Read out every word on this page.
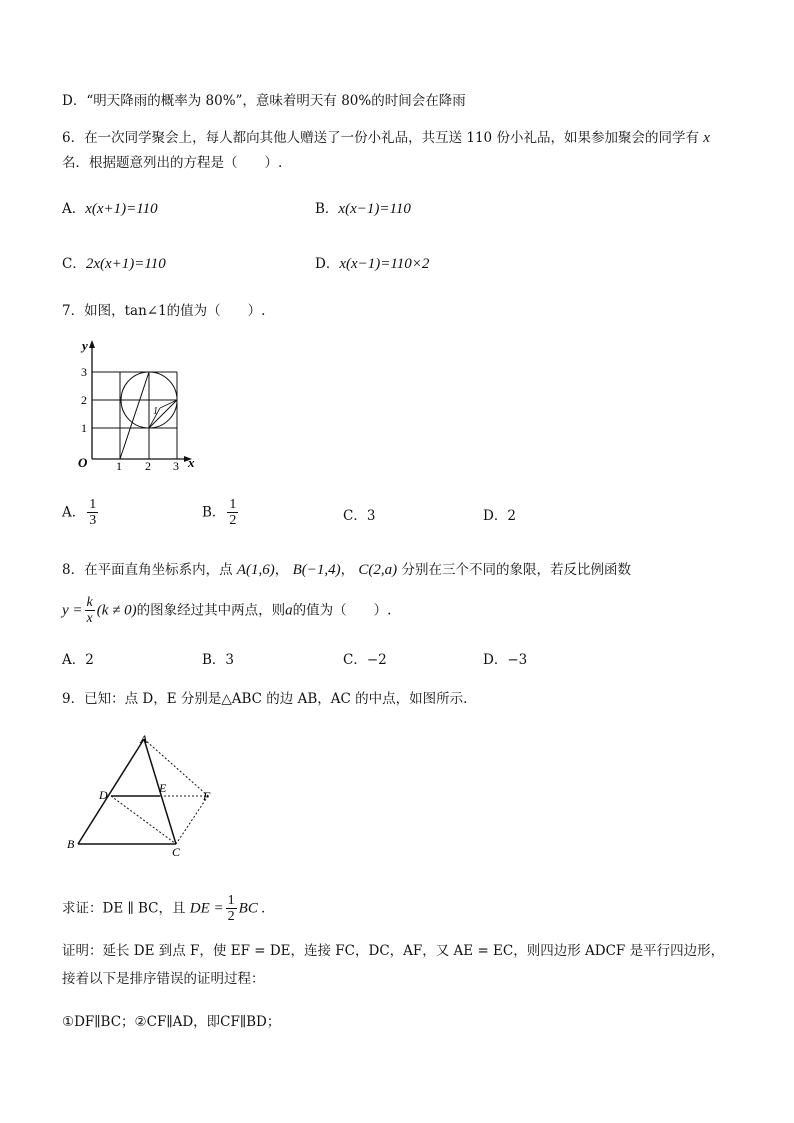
D．“明天降雨的概率为 80%”，意味着明天有 80%的时间会在降雨
6．在一次同学聚会上，每人都向其他人赠送了一份小礼品，共互送 110 份小礼品，如果参加聚会的同学有 x
名．根据题意列出的方程是（　　）.
A．x(x+1)=110	B．x(x−1)=110
C．2x(x+1)=110	D．x(x−1)=110×2
7．如图，tan∠1的值为（　　）.
y
x
O 1 2 3
1
2
3
1
A． $\frac{1}{3}$	B． $\frac{1}{2}$	C．3	D．2
8．在平面直角坐标系内，点 A(1,6)， B(−1,4)， C(2,a) 分别在三个不同的象限，若反比例函数
$y = \frac{k}{x} (k \ne 0)$的图象经过其中两点，则a的值为（　　）.
A．2	B．3	C．−2	D．−3
9．已知：点 D，E 分别是△ABC 的边 AB，AC 的中点，如图所示.
A
B
C
D	E
F
求证：DE ∥ BC，且 DE = $\frac{1}{2}$ BC .
证明：延长 DE 到点 F，使 EF = DE，连接 FC，DC，AF，又 AE = EC，则四边形 ADCF 是平行四边形，
接着以下是排序错误的证明过程：
①DF∥BC；②CF∥AD，即CF∥BD；
